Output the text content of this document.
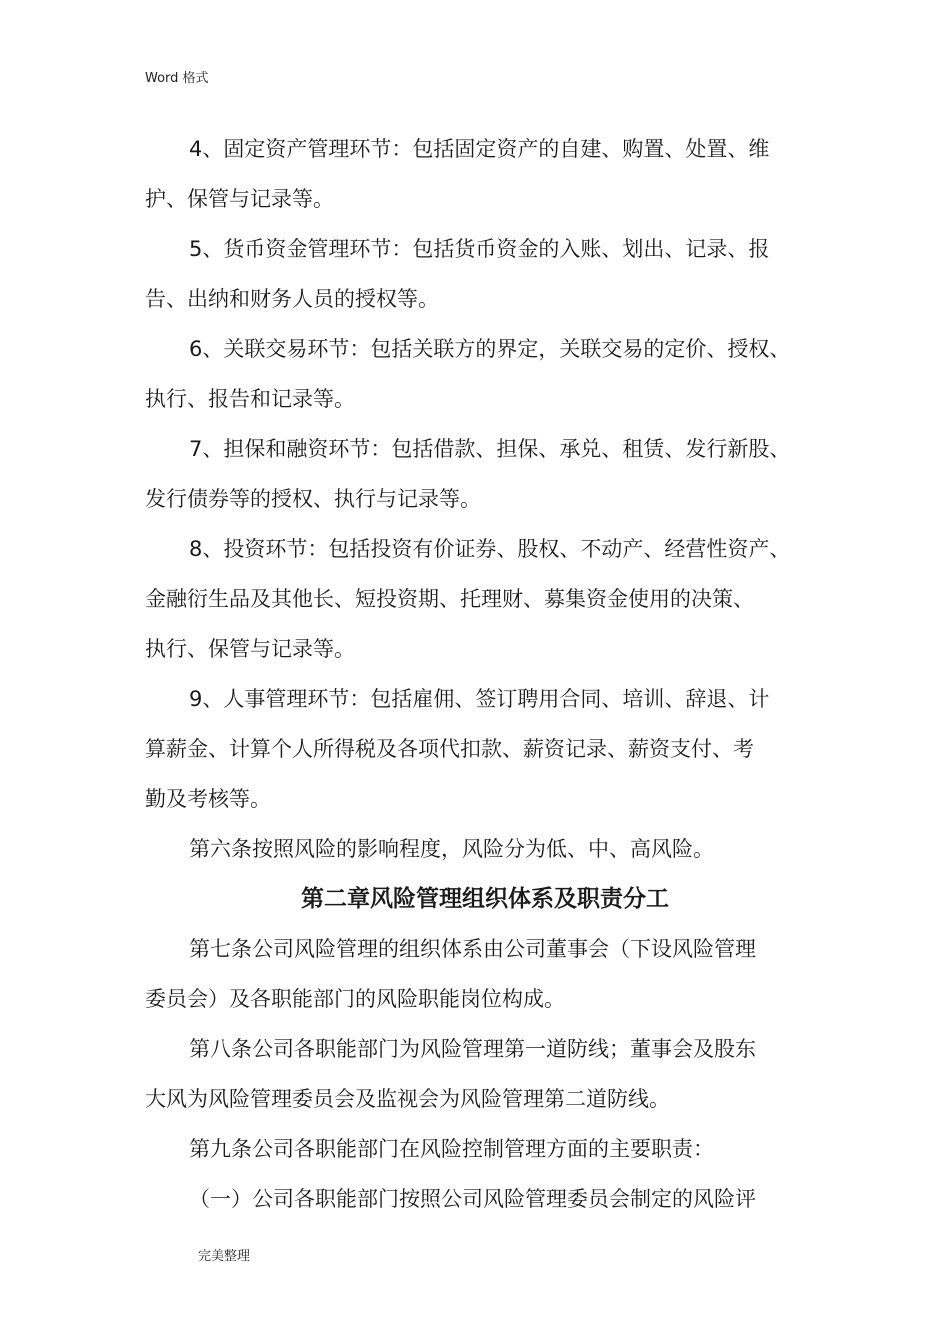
Word 格式
4、固定资产管理环节：包括固定资产的自建、购置、处置、维
护、保管与记录等。
5、货币资金管理环节：包括货币资金的入账、划出、记录、报
告、出纳和财务人员的授权等。
6、关联交易环节：包括关联方的界定，关联交易的定价、授权、
执行、报告和记录等。
7、担保和融资环节：包括借款、担保、承兑、租赁、发行新股、
发行债券等的授权、执行与记录等。
8、投资环节：包括投资有价证券、股权、不动产、经营性资产、
金融衍生品及其他长、短投资期、托理财、募集资金使用的决策、
执行、保管与记录等。
9、人事管理环节：包括雇佣、签订聘用合同、培训、辞退、计
算薪金、计算个人所得税及各项代扣款、薪资记录、薪资支付、考
勤及考核等。
第六条按照风险的影响程度，风险分为低、中、高风险。
第二章风险管理组织体系及职责分工
第七条公司风险管理的组织体系由公司董事会（下设风险管理
委员会）及各职能部门的风险职能岗位构成。
第八条公司各职能部门为风险管理第一道防线；董事会及股东
大风为风险管理委员会及监视会为风险管理第二道防线。
第九条公司各职能部门在风险控制管理方面的主要职责：
（一）公司各职能部门按照公司风险管理委员会制定的风险评
完美整理
